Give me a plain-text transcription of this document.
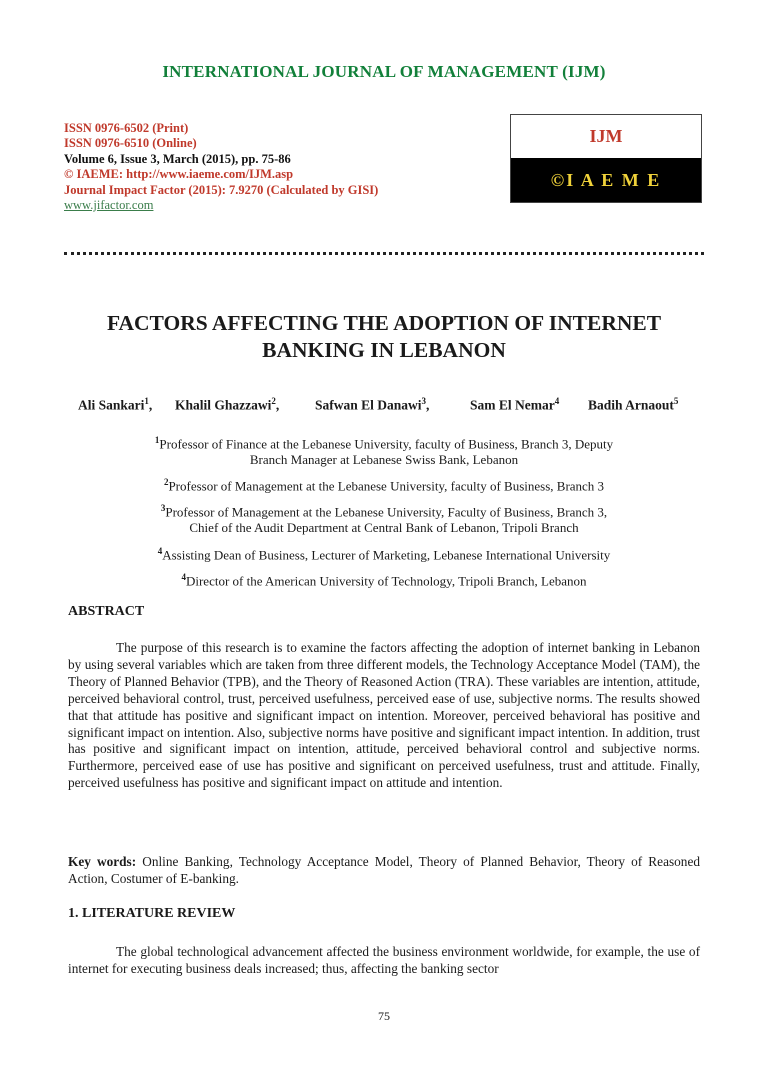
INTERNATIONAL JOURNAL OF MANAGEMENT (IJM)
ISSN 0976-6502 (Print)
ISSN 0976-6510 (Online)
Volume 6, Issue 3, March (2015), pp. 75-86
© IAEME: http://www.iaeme.com/IJM.asp
Journal Impact Factor (2015): 7.9270 (Calculated by GISI)
www.jifactor.com
IJM
©I A E M E
FACTORS AFFECTING THE ADOPTION OF INTERNET
BANKING IN LEBANON
Ali Sankari$^1$, Khalil Ghazzawi$^2$,	Safwan El Danawi$^3$,	Sam El Nemar$^4$ Badih Arnaout$^5$
$^1$Professor of Finance at the Lebanese University, faculty of Business, Branch 3, Deputy
Branch Manager at Lebanese Swiss Bank, Lebanon
$^2$Professor of Management at the Lebanese University, faculty of Business, Branch 3
$^3$Professor of Management at the Lebanese University, Faculty of Business, Branch 3,
Chief of the Audit Department at Central Bank of Lebanon, Tripoli Branch
$^4$Assisting Dean of Business, Lecturer of Marketing, Lebanese International University
$^4$Director of the American University of Technology, Tripoli Branch, Lebanon
ABSTRACT
The purpose of this research is to examine the factors affecting the adoption of internet banking in Lebanon by using several variables which are taken from three different models, the Technology Acceptance Model (TAM), the Theory of Planned Behavior (TPB), and the Theory of Reasoned Action (TRA). These variables are intention, attitude, perceived behavioral control, trust, perceived usefulness, perceived ease of use, subjective norms. The results showed that that attitude has positive and significant impact on intention. Moreover, perceived behavioral has positive and significant impact on intention. Also, subjective norms have positive and significant impact intention. In addition, trust has positive and significant impact on intention, attitude, perceived behavioral control and subjective norms. Furthermore, perceived ease of use has positive and significant on perceived usefulness, trust and attitude. Finally, perceived usefulness has positive and significant impact on attitude and intention.
Key words: Online Banking, Technology Acceptance Model, Theory of Planned Behavior, Theory of Reasoned Action, Costumer of E-banking.
1. LITERATURE REVIEW
The global technological advancement affected the business environment worldwide, for example, the use of internet for executing business deals increased; thus, affecting the banking sector
75
